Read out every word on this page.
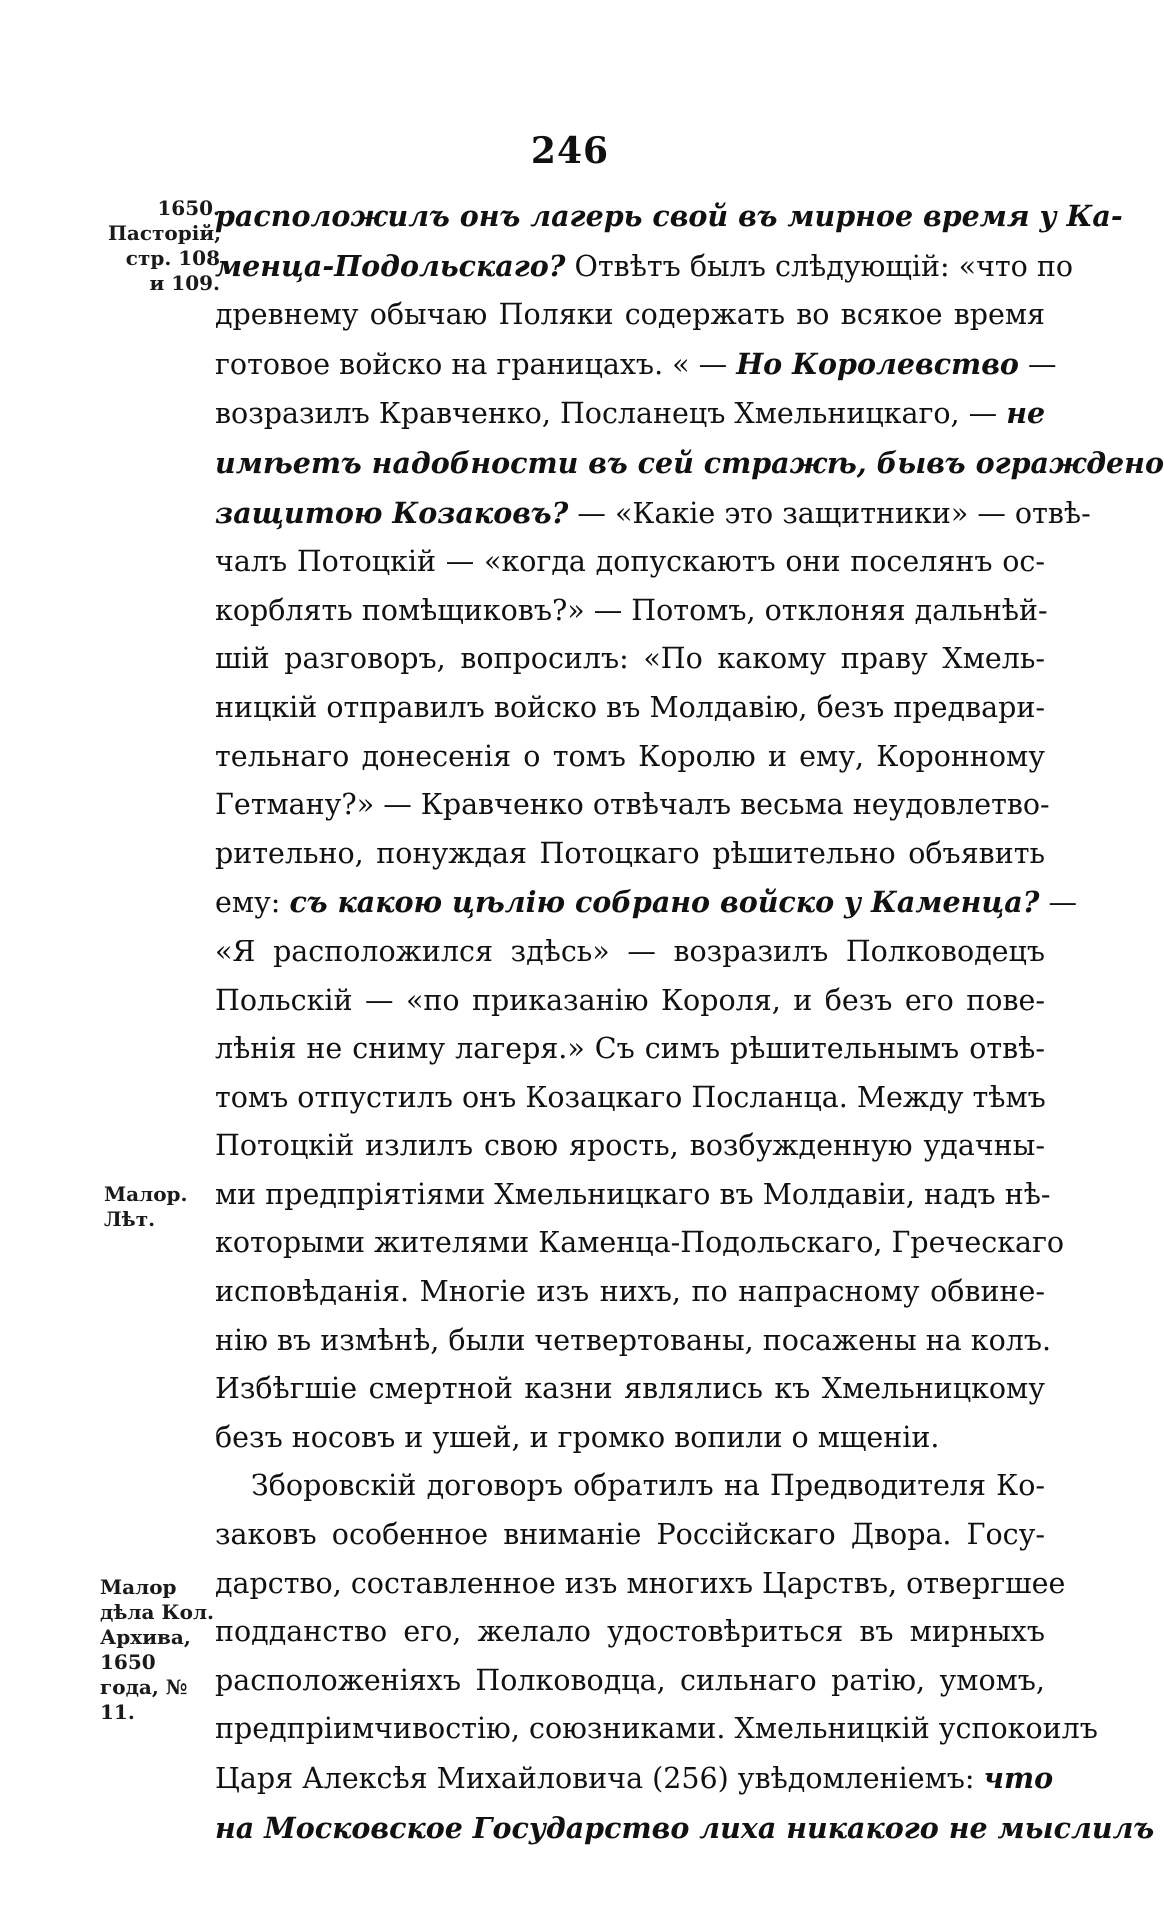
246
1650. Пасторій, стр. 108 и 109.
Малор. Лѣт.
Малор дѣла Кол. Архива, 1650 года, № 11.
расположилъ онъ лагерь свой въ мирное время у Ка-
менца-Подольскаго? Отвѣтъ былъ слѣдующій: «что по
древнему обычаю Поляки содержать во всякое время
готовое войско на границахъ. « — Но Королевство —
возразилъ Кравченко, Посланецъ Хмельницкаго, — не
имѣетъ надобности въ сей стражѣ, бывъ ограждено
защитою Козаковъ? — «Какіе это защитники» — отвѣ-
чалъ Потоцкій — «когда допускаютъ они поселянъ ос-
корблять помѣщиковъ?» — Потомъ, отклоняя дальнѣй-
шій разговоръ, вопросилъ: «По какому праву Хмель-
ницкій отправилъ войско въ Молдавію, безъ предвари-
тельнаго донесенія о томъ Королю и ему, Коронному
Гетману?» — Кравченко отвѣчалъ весьма неудовлетво-
рительно, понуждая Потоцкаго рѣшительно объявить
ему: съ какою цѣлію собрано войско у Каменца? —
«Я расположился здѣсь» — возразилъ Полководецъ
Польскій — «по приказанію Короля, и безъ его пове-
лѣнія не сниму лагеря.» Съ симъ рѣшительнымъ отвѣ-
томъ отпустилъ онъ Козацкаго Посланца. Между тѣмъ
Потоцкій излилъ свою ярость, возбужденную удачны-
ми предпріятіями Хмельницкаго въ Молдавіи, надъ нѣ-
которыми жителями Каменца-Подольскаго, Греческаго
исповѣданія. Многіе изъ нихъ, по напрасному обвине-
нію въ измѣнѣ, были четвертованы, посажены на колъ.
Избѣгшіе смертной казни являлись къ Хмельницкому
безъ носовъ и ушей, и громко вопили о мщеніи.
Зборовскій договоръ обратилъ на Предводителя Ко-
заковъ особенное вниманіе Россійскаго Двора. Госу-
дарство, составленное изъ многихъ Царствъ, отвергшее
подданство его, желало удостовѣриться въ мирныхъ
расположеніяхъ Полководца, сильнаго ратію, умомъ,
предпріимчивостію, союзниками. Хмельницкій успокоилъ
Царя Алексѣя Михайловича (256) увѣдомленіемъ: что
на Московское Государство лиха никакого не мыслилъ
